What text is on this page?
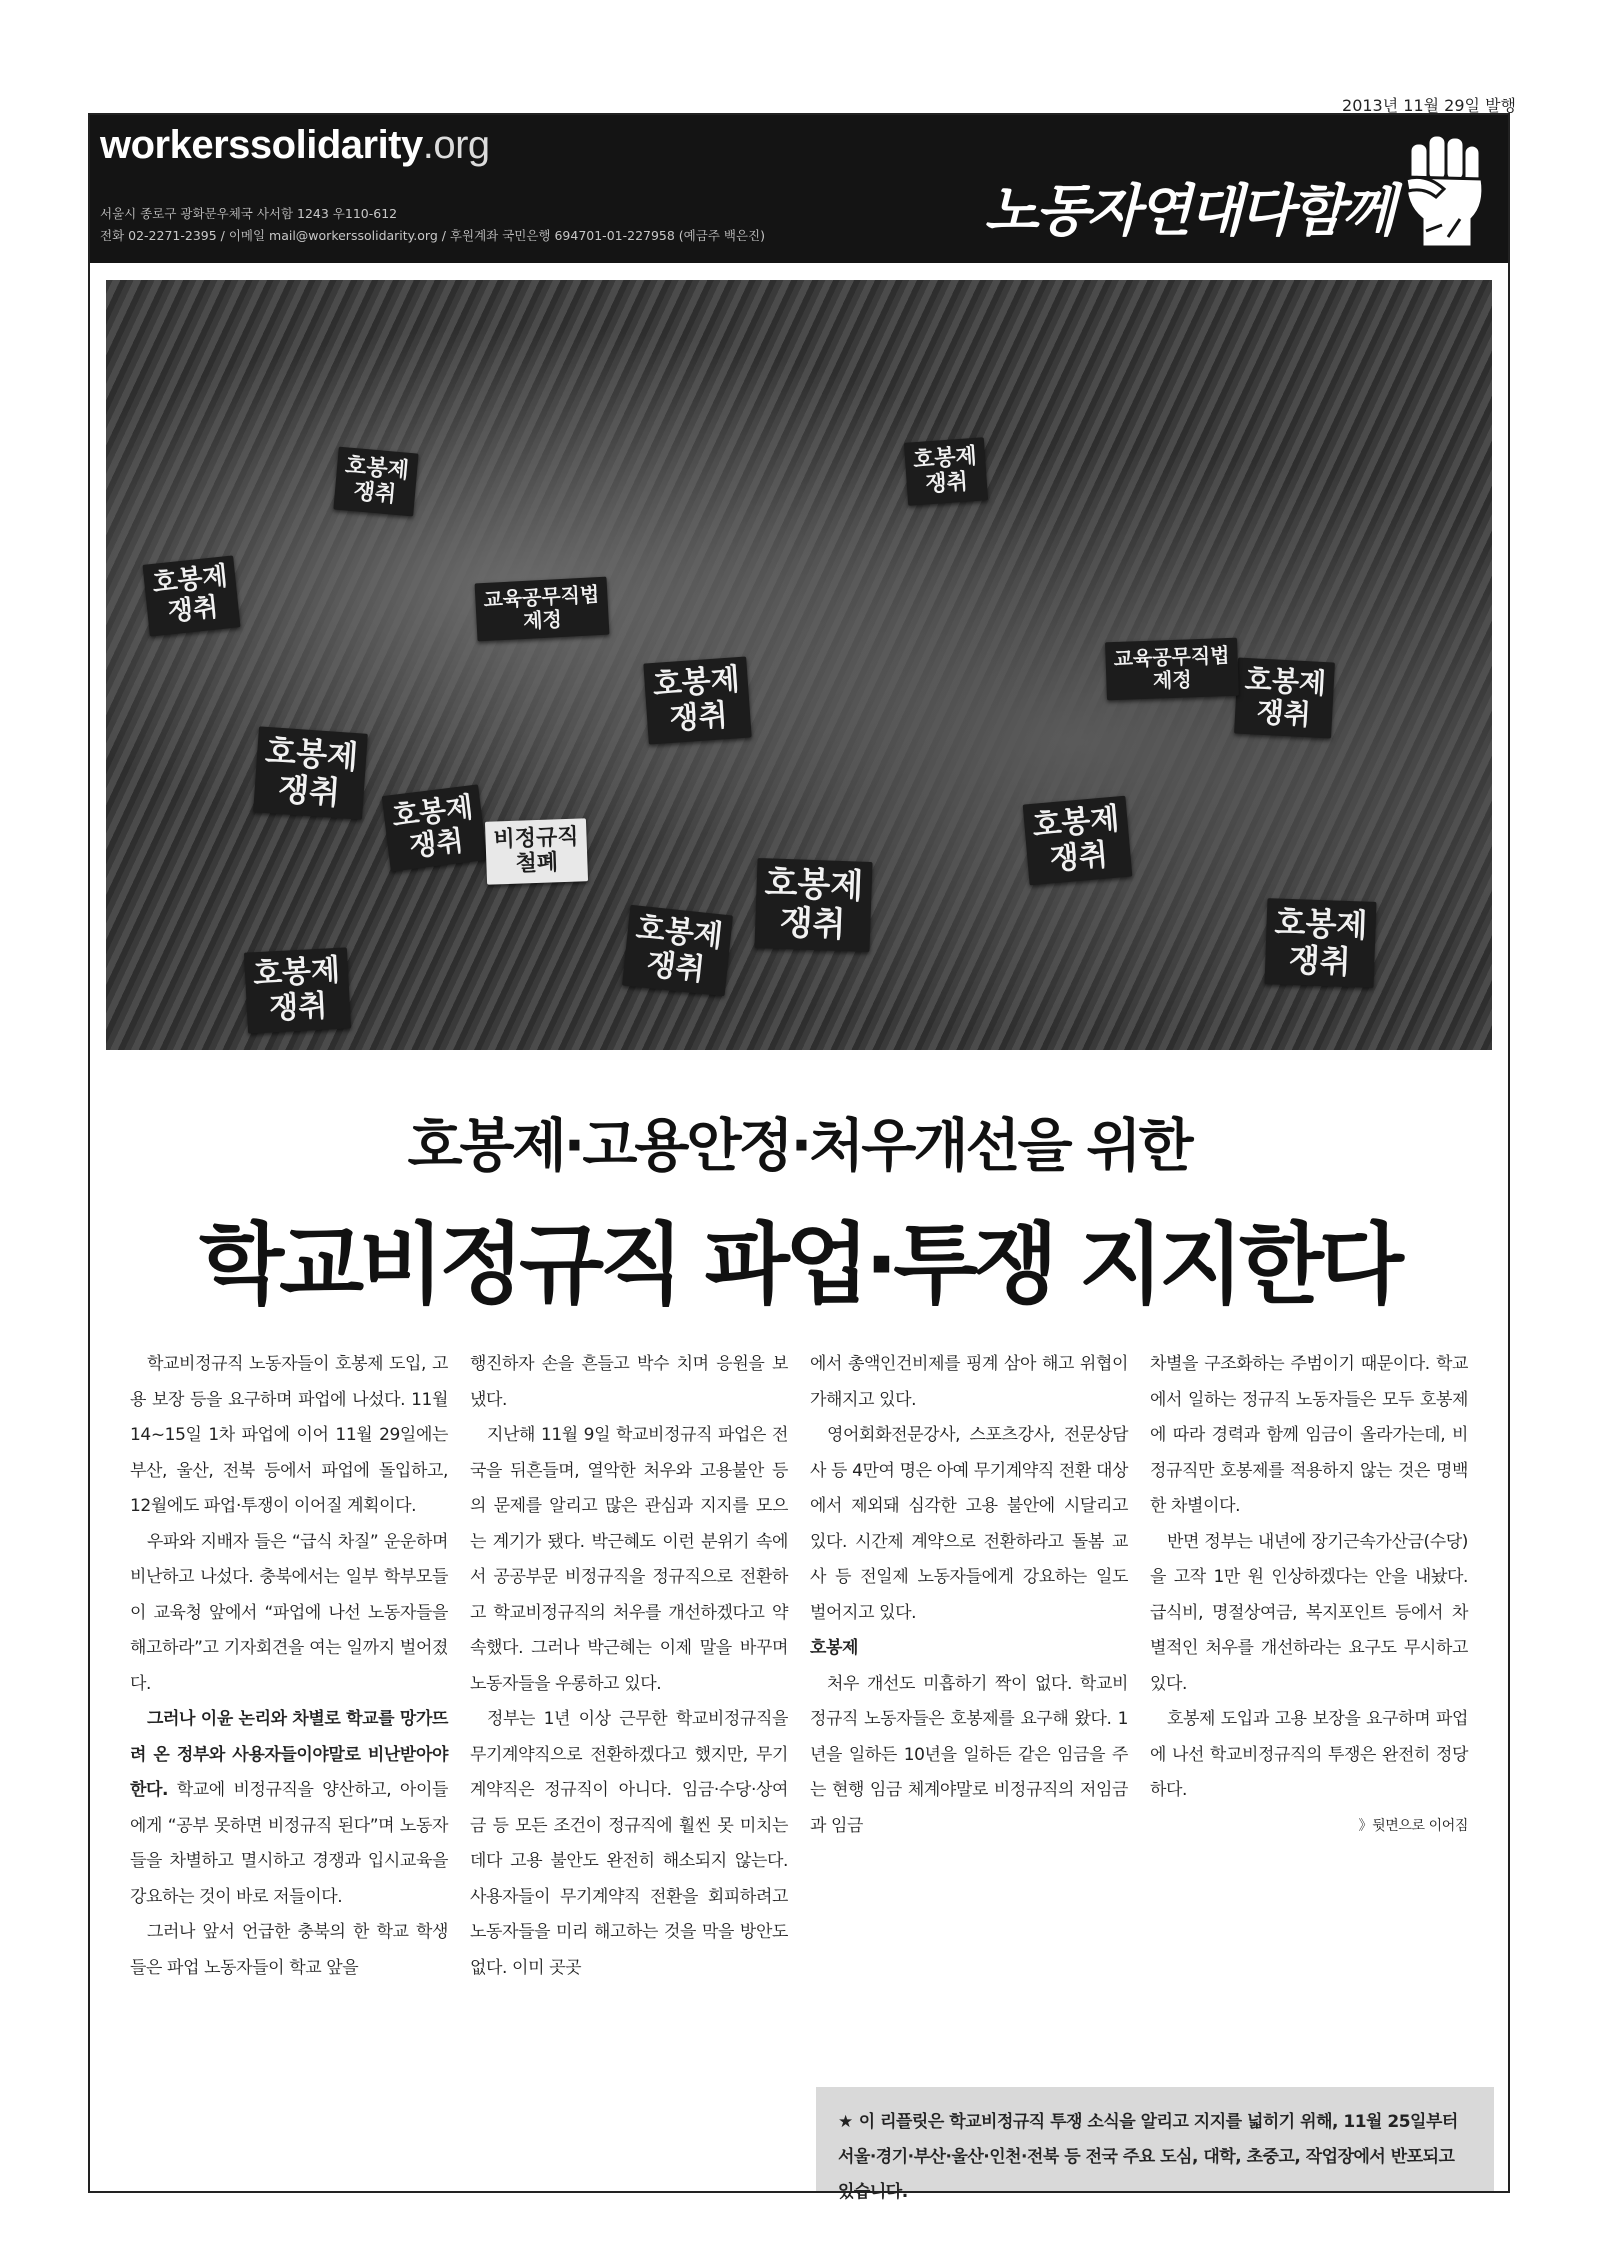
2013년 11월 29일 발행
workerssolidarity.org
서울시 종로구 광화문우체국 사서함 1243 우110-612
전화 02-2271-2395 / 이메일 mail@workerssolidarity.org / 후원계좌 국민은행 694701-01-227958 (예금주 백은진)	노동자연대다함께
호봉제
쟁취
호봉제
쟁취
교육공무직법
제정
호봉제
쟁취
호봉제
쟁취
호봉제
쟁취
호봉제
쟁취
교육공무직법
제정
호봉제
쟁취
호봉제
쟁취
호봉제
쟁취
호봉제
쟁취
호봉제
쟁취
호봉제
쟁취
비정규직
철폐
호봉제·고용안정·처우개선을 위한
학교비정규직 파업·투쟁 지지한다

학교비정규직 노동자들이 호봉제 도입, 고용 보장 등을 요구하며 파업에 나섰다. 11월 14~15일 1차 파업에 이어 11월 29일에는 부산, 울산, 전북 등에서 파업에 돌입하고, 12월에도 파업·투쟁이 이어질 계획이다.

우파와 지배자 들은 “급식 차질” 운운하며 비난하고 나섰다. 충북에서는 일부 학부모들이 교육청 앞에서 “파업에 나선 노동자들을 해고하라”고 기자회견을 여는 일까지 벌어졌다.

그러나 이윤 논리와 차별로 학교를 망가뜨려 온 정부와 사용자들이야말로 비난받아야 한다. 학교에 비정규직을 양산하고, 아이들에게 “공부 못하면 비정규직 된다”며 노동자들을 차별하고 멸시하고 경쟁과 입시교육을 강요하는 것이 바로 저들이다.

그러나 앞서 언급한 충북의 한 학교 학생들은 파업 노동자들이 학교 앞을

행진하자 손을 흔들고 박수 치며 응원을 보냈다.

지난해 11월 9일 학교비정규직 파업은 전국을 뒤흔들며, 열악한 처우와 고용불안 등의 문제를 알리고 많은 관심과 지지를 모으는 계기가 됐다. 박근혜도 이런 분위기 속에서 공공부문 비정규직을 정규직으로 전환하고 학교비정규직의 처우를 개선하겠다고 약속했다. 그러나 박근혜는 이제 말을 바꾸며 노동자들을 우롱하고 있다.

정부는 1년 이상 근무한 학교비정규직을 무기계약직으로 전환하겠다고 했지만, 무기계약직은 정규직이 아니다. 임금·수당·상여금 등 모든 조건이 정규직에 훨씬 못 미치는데다 고용 불안도 완전히 해소되지 않는다. 사용자들이 무기계약직 전환을 회피하려고 노동자들을 미리 해고하는 것을 막을 방안도 없다. 이미 곳곳

에서 총액인건비제를 핑계 삼아 해고 위협이 가해지고 있다.

영어회화전문강사, 스포츠강사, 전문상담사 등 4만여 명은 아예 무기계약직 전환 대상에서 제외돼 심각한 고용 불안에 시달리고 있다. 시간제 계약으로 전환하라고 돌봄 교사 등 전일제 노동자들에게 강요하는 일도 벌어지고 있다.

호봉제

처우 개선도 미흡하기 짝이 없다. 학교비정규직 노동자들은 호봉제를 요구해 왔다. 1년을 일하든 10년을 일하든 같은 임금을 주는 현행 임금 체계야말로 비정규직의 저임금과 임금

차별을 구조화하는 주범이기 때문이다. 학교에서 일하는 정규직 노동자들은 모두 호봉제에 따라 경력과 함께 임금이 올라가는데, 비정규직만 호봉제를 적용하지 않는 것은 명백한 차별이다.

반면 정부는 내년에 장기근속가산금(수당)을 고작 1만 원 인상하겠다는 안을 내놨다. 급식비, 명절상여금, 복지포인트 등에서 차별적인 처우를 개선하라는 요구도 무시하고 있다.

호봉제 도입과 고용 보장을 요구하며 파업에 나선 학교비정규직의 투쟁은 완전히 정당하다.

》뒷면으로 이어짐

★ 이 리플릿은 학교비정규직 투쟁 소식을 알리고 지지를 넓히기 위해, 11월 25일부터 서울·경기·부산·울산·인천·전북 등 전국 주요 도심, 대학, 초중고, 작업장에서 반포되고 있습니다.
